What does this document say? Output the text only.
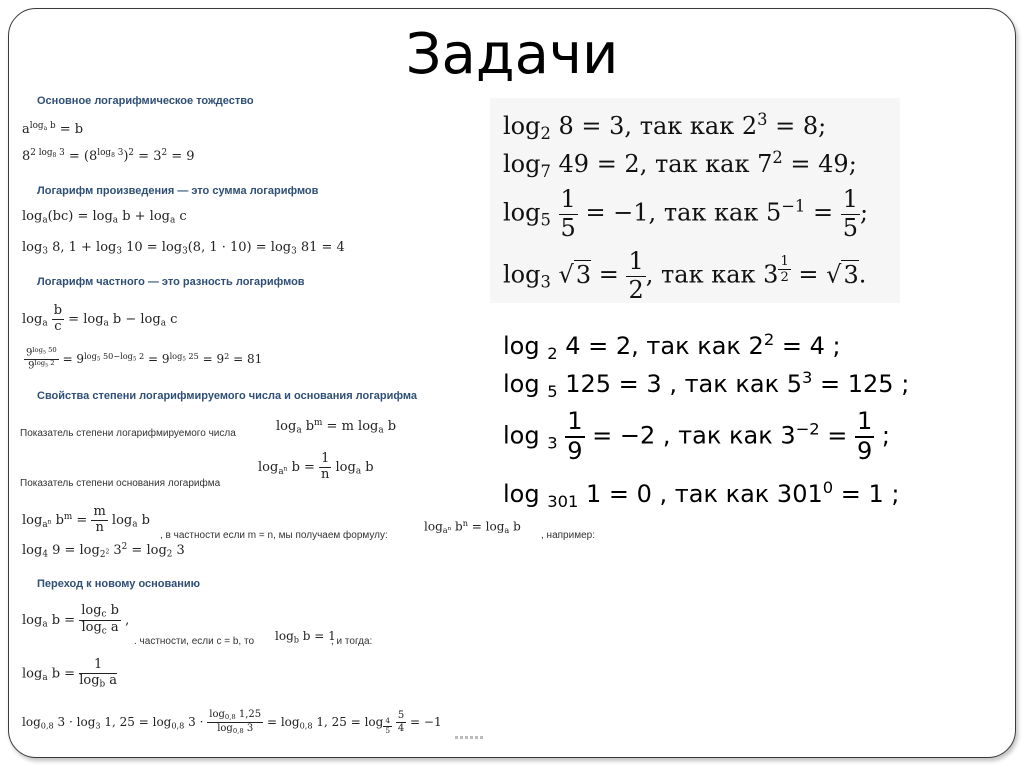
Задачи
Основное логарифмическое тождество
$a^{log_a b} = b$
$8^{2 log_8 3} = (8^{log_8 3})^2 = 3^2 = 9$
Логарифм произведения — это сумма логарифмов
$\log_a(bc) = \log_a b + \log_a c$
$\log_3 8$, $1 + \log_3 10 = \log_3(8$, $1 \cdot 10) = \log_3 81 = 4$
Логарифм частного — это разность логарифмов
$\log_a \frac{b}{c} = \log_a b - \log_a c$
$\frac{9^{log_5 50}}{9^{log_5 2}} = 9^{log_5 50-log_5 2} = 9^{log_5 25} = 9^2 = 81$
Свойства степени логарифмируемого числа и основания логарифма
Показатель степени логарифмируемого числа	$\log_a b^m = m$ $\log_a b$
$\log_{a^n} b = \frac{1}{n} \log_a b$
Показатель степени основания логарифма
$\log_{a^n} b^m = \frac{m}{n} \log_a b$
, в частности если m = n, мы получаем формулу:
$\log_{a^n} b^n = \log_a b$
, например:
$\log_4 9 = \log_{2^2} 3^2 = \log_2 3$
Переход к новому основанию
$\log_a b = \frac{\log_c b}{\log_c a}$ ,
. частности, если c = b, то $\log_b b = 1$
, и тогда:
$\log_a b = \frac{1}{\log_b a}$
$\log_{0,8} 3 \cdot \log_3 1$, $25 = \log_{0,8} 3 \cdot \frac{\log_{0,8} 1,25}{\log_{0,8} 3} = \log_{0,8} 1$, 25 = log $_{\frac{4}{5}}$
$\frac{5}{4} = -1$
$\log_2 8 = 3$, так как $2^3 = 8$;
$\log_7 49 = 2$, так как $7^2 = 49$;
$\log_5 \frac{1}{5} = -1$, так как $5^{-1} = \frac{1}{5}$ ;
$\log_3 √3 = \frac{1}{2}$ , так как 3 $^{\frac{1}{2}}$ = √3.
log $_2$ 4 = 2, так как $2^2 = 4$ ;
log $_5$ 125 = 3 , так как $5^3 = 125$ ;
$\log _3 \frac{1}{9} = -2$ , так как $3^{-2} = \frac{1}{9}$ ;
log $_{301}$ 1 = 0 , так как $301^0 = 1$ ;
